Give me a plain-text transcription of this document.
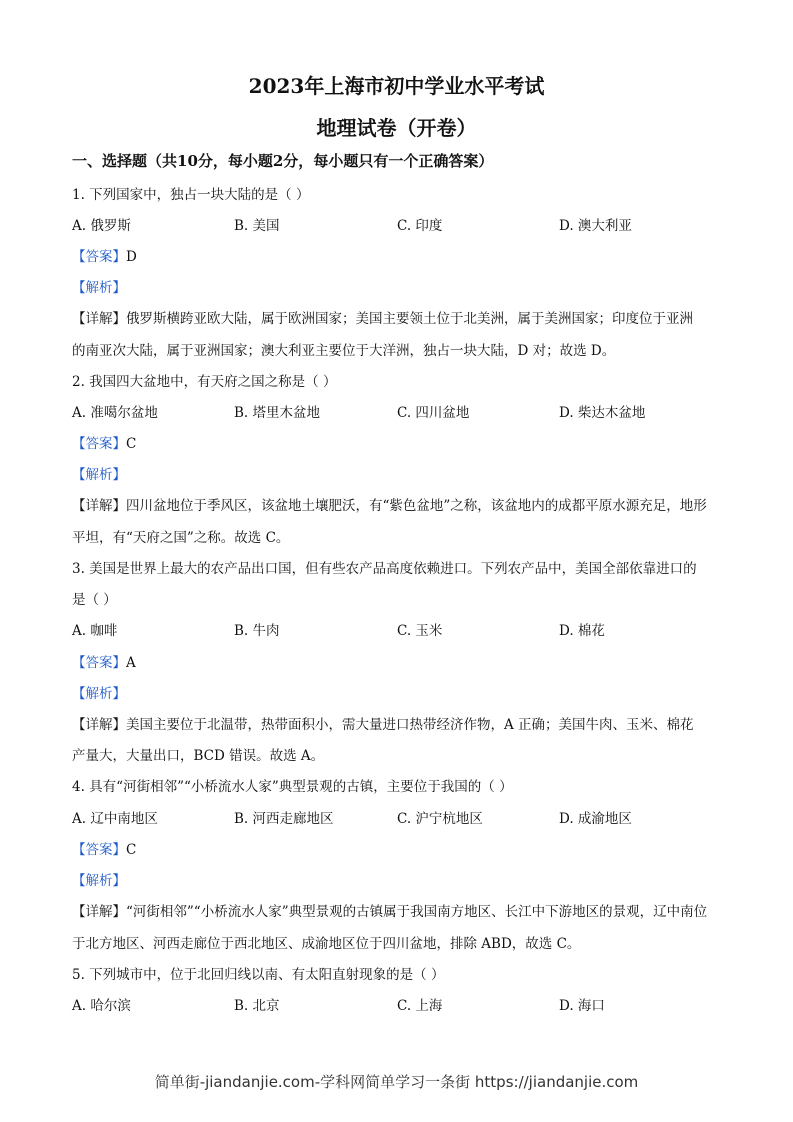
2023年上海市初中学业水平考试
地理试卷（开卷）
一、选择题（共10分，每小题2分，每小题只有一个正确答案）
1. 下列国家中，独占一块大陆的是（ ）
A. 俄罗斯	B. 美国	C. 印度	D. 澳大利亚
【答案】D
【解析】
【详解】俄罗斯横跨亚欧大陆，属于欧洲国家；美国主要领土位于北美洲，属于美洲国家；印度位于亚洲
的南亚次大陆，属于亚洲国家；澳大利亚主要位于大洋洲，独占一块大陆，D 对；故选 D。
2. 我国四大盆地中，有天府之国之称是（ ）
A. 准噶尔盆地	B. 塔里木盆地	C. 四川盆地	D. 柴达木盆地
【答案】C
【解析】
【详解】四川盆地位于季风区，该盆地土壤肥沃，有“紫色盆地”之称，该盆地内的成都平原水源充足，地形
平坦，有“天府之国”之称。故选 C。
3. 美国是世界上最大的农产品出口国，但有些农产品高度依赖进口。下列农产品中，美国全部依靠进口的
是（ ）
A. 咖啡	B. 牛肉	C. 玉米	D. 棉花
【答案】A
【解析】
【详解】美国主要位于北温带，热带面积小，需大量进口热带经济作物，A 正确；美国牛肉、玉米、棉花
产量大，大量出口，BCD 错误。故选 A。
4. 具有“河街相邻”“小桥流水人家”典型景观的古镇，主要位于我国的（ ）
A. 辽中南地区	B. 河西走廊地区	C. 沪宁杭地区	D. 成渝地区
【答案】C
【解析】
【详解】“河街相邻”“小桥流水人家”典型景观的古镇属于我国南方地区、长江中下游地区的景观，辽中南位
于北方地区、河西走廊位于西北地区、成渝地区位于四川盆地，排除 ABD，故选 C。
5. 下列城市中，位于北回归线以南、有太阳直射现象的是（ ）
A. 哈尔滨	B. 北京	C. 上海	D. 海口
简单街-jiandanjie.com-学科网简单学习一条街 https://jiandanjie.com
